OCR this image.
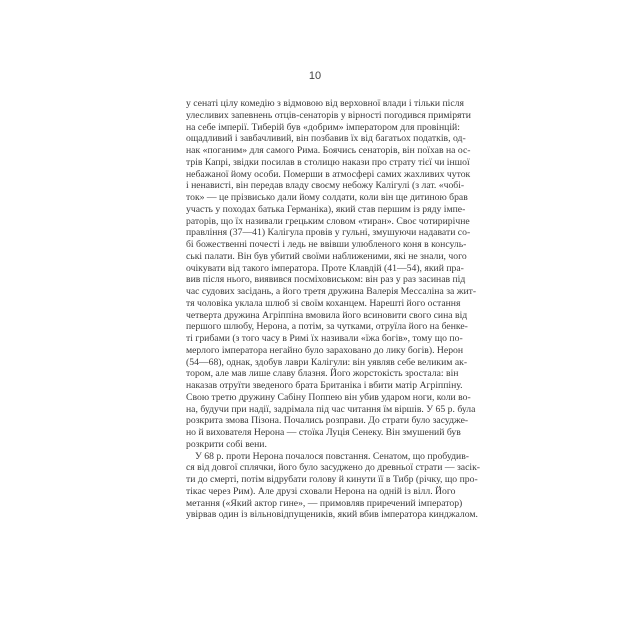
10
у сенаті цілу комедію з відмовою від верховної влади і тільки після
улесливих запевнень отців-сенаторів у вірності погодився приміряти
на себе імперії. Тиберій був «добрим» імператором для провінцій:
ощадливий і завбачливий, він позбавив їх від багатьох податків, од-
нак «поганим» для самого Рима. Боячись сенаторів, він поїхав на ос-
трів Капрі, звідки посилав в столицю накази про страту тієї чи іншої
небажаної йому особи. Померши в атмосфері самих жахливих чуток
і ненависті, він передав владу своєму небожу Калігулі (з лат. «чобі-
ток» — це прізвисько дали йому солдати, коли він ще дитиною брав
участь у походах батька Германіка), який став першим із ряду імпе-
раторів, що їх називали грецьким словом «тиран». Своє чотирирічне
правління (37—41) Калігула провів у гульні, змушуючи надавати со-
бі божественні почесті і ледь не ввівши улюбленого коня в консуль-
ські палати. Він був убитий своїми наближеними, які не знали, чого
очікувати від такого імператора. Проте Клавдій (41—54), який пра-
вив після нього, виявився посміховиськом: він раз у раз засинав під
час судових засідань, а його третя дружина Валерія Мессаліна за жит-
тя чоловіка уклала шлюб зі своїм коханцем. Нарешті його остання
четверта дружина Агріппіна вмовила його всиновити свого сина від
першого шлюбу, Нерона, а потім, за чутками, отруїла його на бенке-
ті грибами (з того часу в Римі їх називали «їжа богів», тому що по-
мерлого імператора негайно було зараховано до лику богів). Нерон
(54—68), однак, здобув лаври Калігули: він уявляв себе великим ак-
тором, але мав лише славу блазня. Його жорстокість зростала: він
наказав отруїти зведеного брата Британіка і вбити матір Агріппіну.
Свою третю дружину Сабіну Поппею він убив ударом ноги, коли во-
на, будучи при надії, задрімала під час читання їм віршів. У 65 р. була
розкрита змова Пізона. Почались розправи. До страти було засудже-
но й вихователя Нерона — стоїка Луція Сенеку. Він змушений був
розкрити собі вени.
У 68 р. проти Нерона почалося повстання. Сенатом, що пробудив-
ся від довгої сплячки, його було засуджено до древньої страти — засік-
ти до смерті, потім відрубати голову й кинути її в Тибр (річку, що про-
тікає через Рим). Але друзі сховали Нерона на одній із вілл. Його
метання («Який актор гине», — примовляв приречений імператор)
увірвав один із вільновідпущеників, який вбив імператора кинджалом.
